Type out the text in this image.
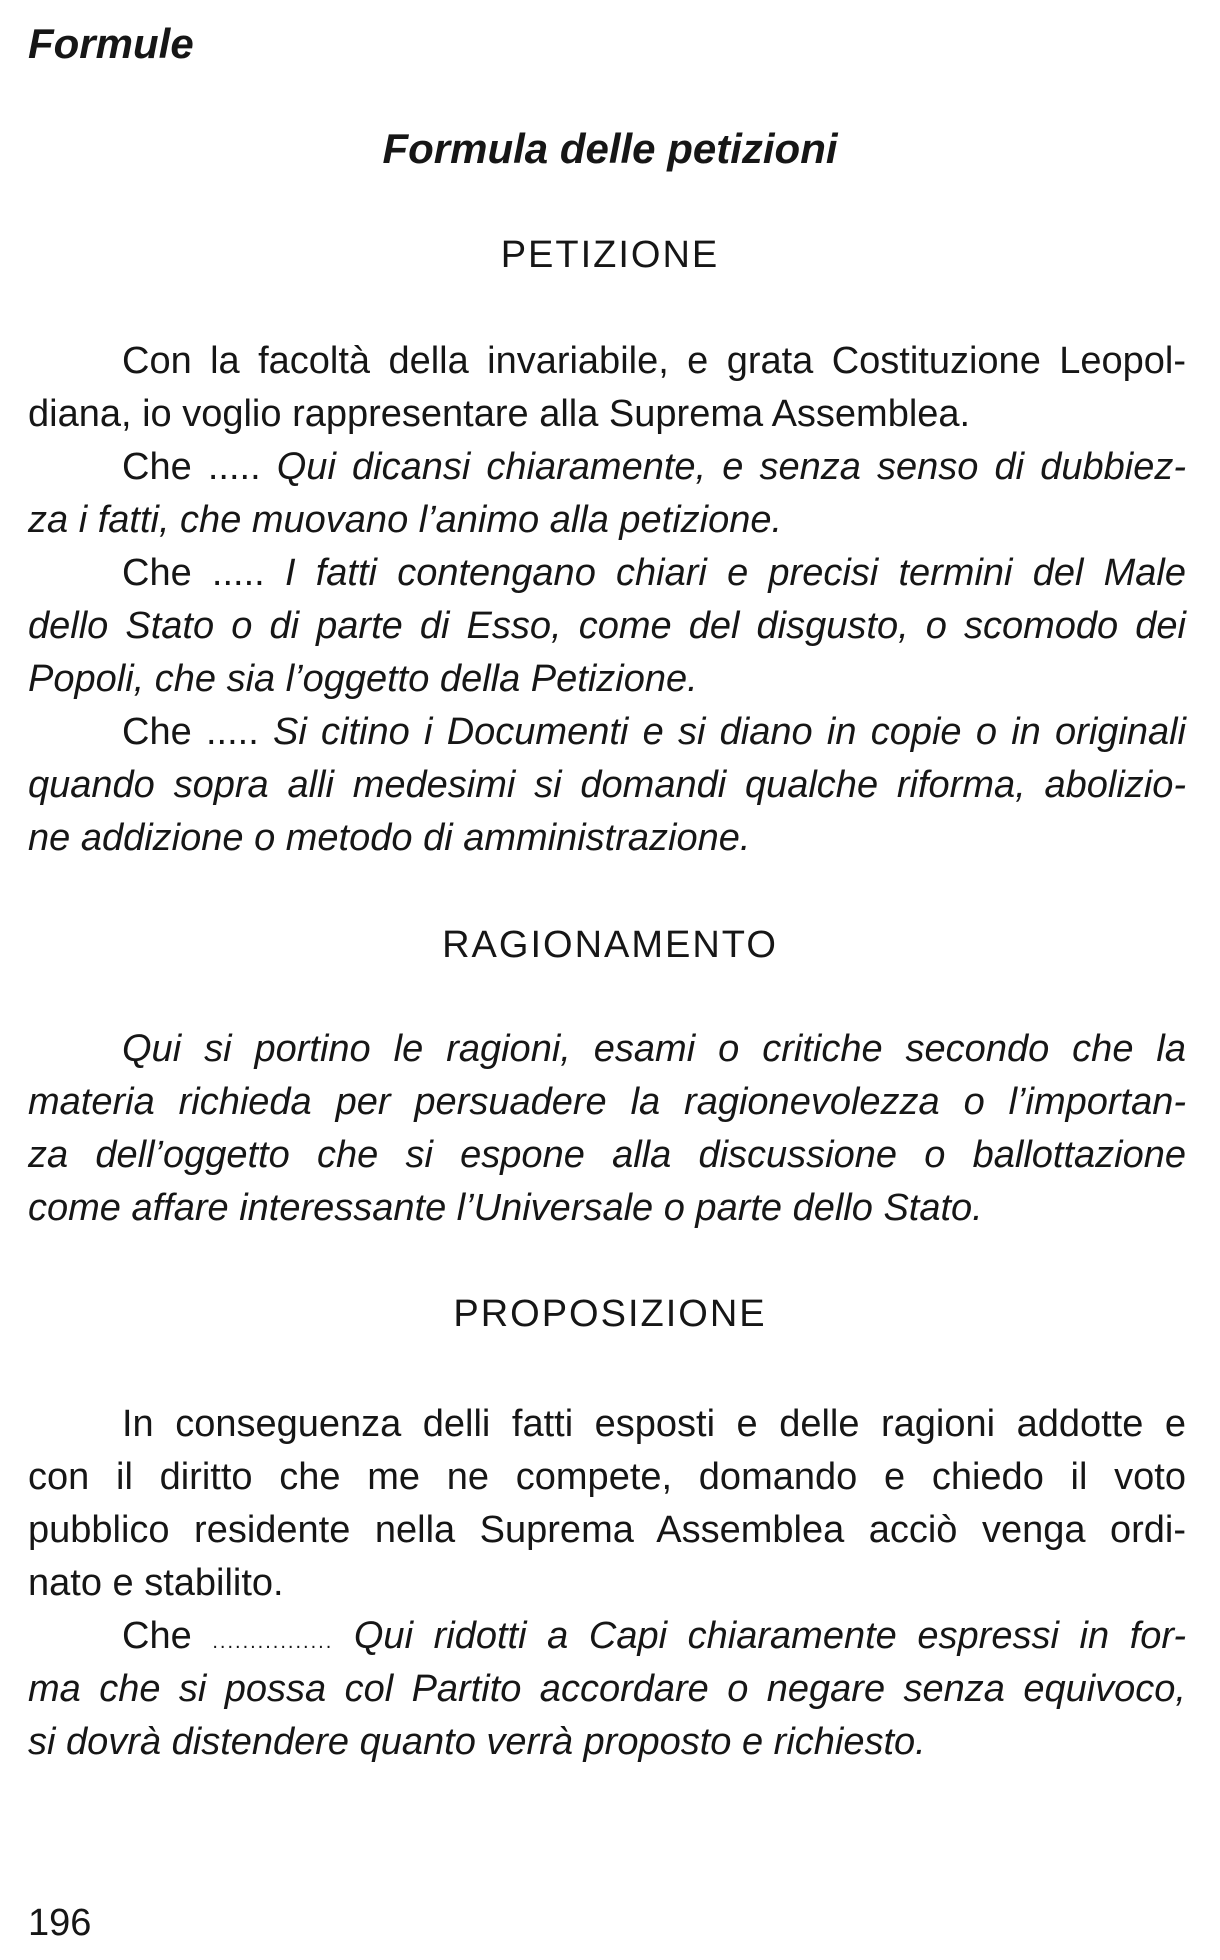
Formule
Formula delle petizioni
PETIZIONE
Con la facoltà della invariabile, e grata Costituzione Leopol-
diana, io voglio rappresentare alla Suprema Assemblea.
Che ..... Qui dicansi chiaramente, e senza senso di dubbiez-
za i fatti, che muovano l’animo alla petizione.
Che ..... I fatti contengano chiari e precisi termini del Male
dello Stato o di parte di Esso, come del disgusto, o scomodo dei
Popoli, che sia l’oggetto della Petizione.
Che ..... Si citino i Documenti e si diano in copie o in originali
quando sopra alli medesimi si domandi qualche riforma, abolizio-
ne addizione o metodo di amministrazione.
RAGIONAMENTO
Qui si portino le ragioni, esami o critiche secondo che la
materia richieda per persuadere la ragionevolezza o l’importan-
za dell’oggetto che si espone alla discussione o ballottazione
come affare interessante l’Universale o parte dello Stato.
PROPOSIZIONE
In conseguenza delli fatti esposti e delle ragioni addotte e
con il diritto che me ne compete, domando e chiedo il voto
pubblico residente nella Suprema Assemblea acciò venga ordi-
nato e stabilito.
Che ................ Qui ridotti a Capi chiaramente espressi in for-
ma che si possa col Partito accordare o negare senza equivoco,
si dovrà distendere quanto verrà proposto e richiesto.
196
